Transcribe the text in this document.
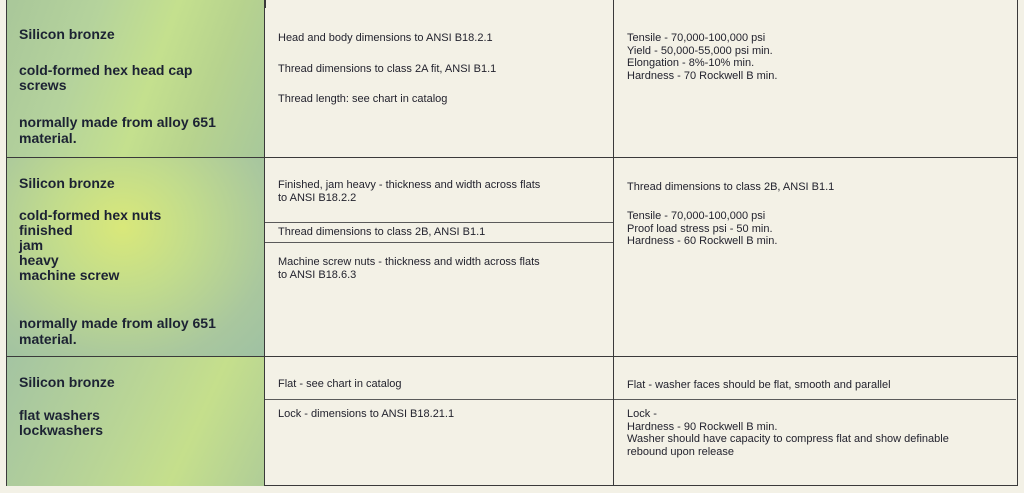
Silicon bronze
cold-formed hex head cap
screws
normally made from alloy 651
material.
Head and body dimensions to ANSI B18.2.1
Thread dimensions to class 2A fit, ANSI B1.1
Thread length: see chart in catalog
Tensile - 70,000-100,000 psi
Yield - 50,000-55,000 psi min.
Elongation - 8%-10% min.
Hardness - 70 Rockwell B min.
Silicon bronze
cold-formed hex nuts
finished
jam
heavy
machine screw
normally made from alloy 651
material.
Finished, jam heavy - thickness and width across flats
to ANSI B18.2.2
Thread dimensions to class 2B, ANSI B1.1
Machine screw nuts - thickness and width across flats
to ANSI B18.6.3
Thread dimensions to class 2B, ANSI B1.1
Tensile - 70,000-100,000 psi
Proof load stress psi - 50 min.
Hardness - 60 Rockwell B min.
Silicon bronze
flat washers
lockwashers
Flat - see chart in catalog
Lock - dimensions to ANSI B18.21.1
Flat - washer faces should be flat, smooth and parallel
Lock -
Hardness - 90 Rockwell B min.
Washer should have capacity to compress flat and show definable
rebound upon release
